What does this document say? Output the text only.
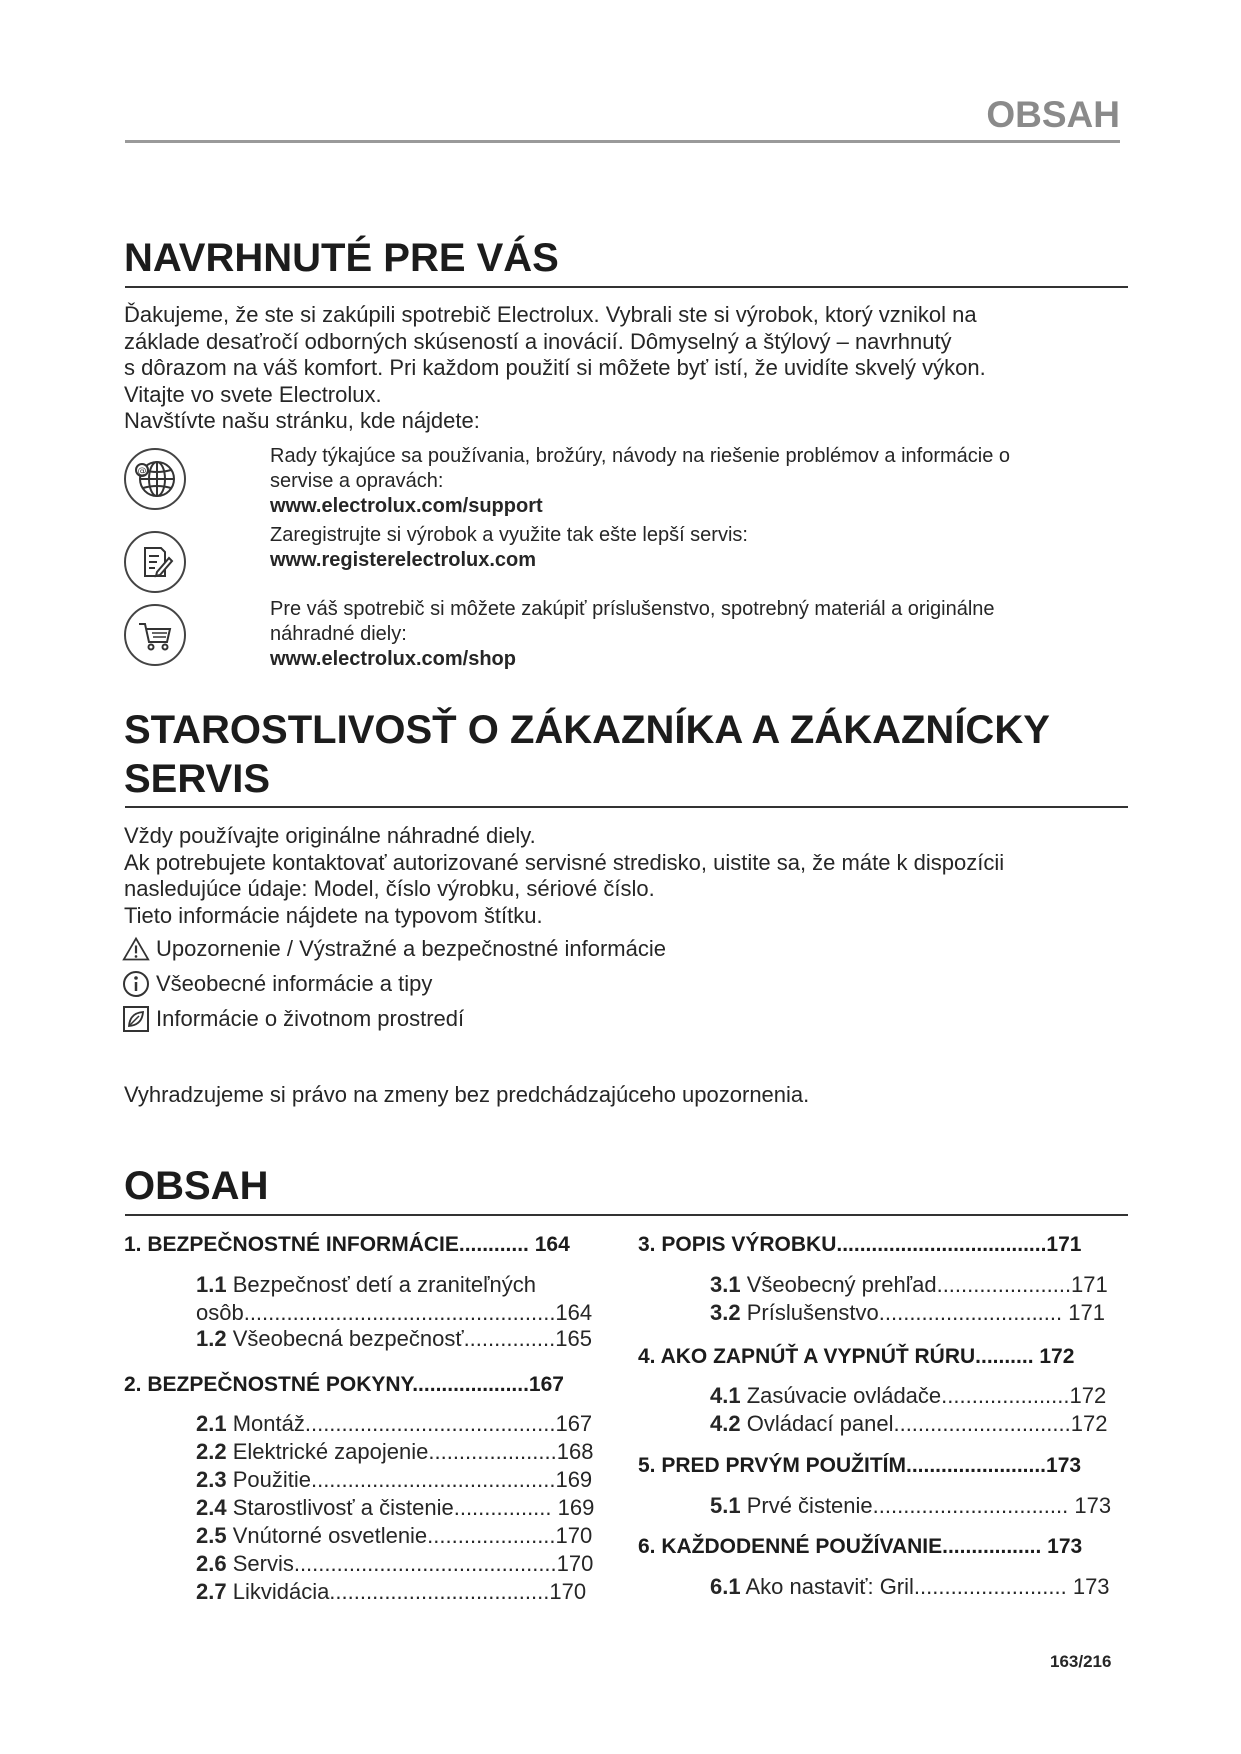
OBSAH
NAVRHNUTÉ PRE VÁS
Ďakujeme, že ste si zakúpili spotrebič Electrolux. Vybrali ste si výrobok, ktorý vznikol na
základe desaťročí odborných skúseností a inovácií. Dômyselný a štýlový – navrhnutý
s dôrazom na váš komfort. Pri každom použití si môžete byť istí, že uvidíte skvelý výkon.
Vitajte vo svete Electrolux.
Navštívte našu stránku, kde nájdete:
@
Rady týkajúce sa používania, brožúry, návody na riešenie problémov a informácie o
servise a opravách:
www.electrolux.com/support
Zaregistrujte si výrobok a využite tak ešte lepší servis:
www.registerelectrolux.com
Pre váš spotrebič si môžete zakúpiť príslušenstvo, spotrebný materiál a originálne
náhradné diely:
www.electrolux.com/shop
STAROSTLIVOSŤ O ZÁKAZNÍKA A ZÁKAZNÍCKY
SERVIS
Vždy používajte originálne náhradné diely.
Ak potrebujete kontaktovať autorizované servisné stredisko, uistite sa, že máte k dispozícii
nasledujúce údaje: Model, číslo výrobku, sériové číslo.
Tieto informácie nájdete na typovom štítku.
Upozornenie / Výstražné a bezpečnostné informácie
Všeobecné informácie a tipy
Informácie o životnom prostredí
Vyhradzujeme si právo na zmeny bez predchádzajúceho upozornenia.
OBSAH
1. BEZPEČNOSTNÉ INFORMÁCIE............ 164
1.1 Bezpečnosť detí a zraniteľných
osôb...................................................164
1.2 Všeobecná bezpečnosť...............165
2. BEZPEČNOSTNÉ POKYNY....................167
2.1 Montáž.........................................167
2.2 Elektrické zapojenie.....................168
2.3 Použitie........................................169
2.4 Starostlivosť a čistenie................ 169
2.5 Vnútorné osvetlenie.....................170
2.6 Servis...........................................170
2.7 Likvidácia....................................170
3. POPIS VÝROBKU....................................171
3.1 Všeobecný prehľad......................171
3.2 Príslušenstvo.............................. 171
4. AKO ZAPNÚŤ A VYPNÚŤ RÚRU.......... 172
4.1 Zasúvacie ovládače.....................172
4.2 Ovládací panel.............................172
5. PRED PRVÝM POUŽITÍM........................173
5.1 Prvé čistenie................................ 173
6. KAŽDODENNÉ POUŽÍVANIE................. 173
6.1 Ako nastaviť: Gril......................... 173
163/216
